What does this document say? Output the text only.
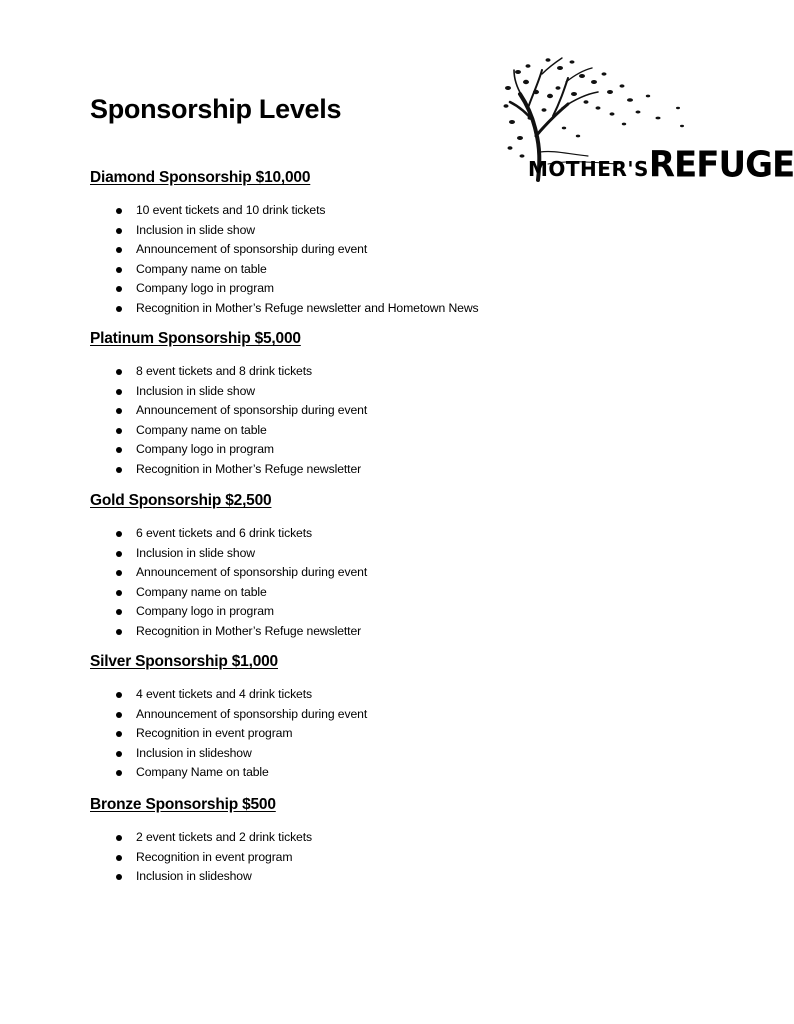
Sponsorship Levels
MOTHER'SREFUGE
Diamond Sponsorship $10,000
10 event tickets and 10 drink tickets
Inclusion in slide show
Announcement of sponsorship during event
Company name on table
Company logo in program
Recognition in Mother’s Refuge newsletter and Hometown News
Platinum Sponsorship $5,000
8 event tickets and 8 drink tickets
Inclusion in slide show
Announcement of sponsorship during event
Company name on table
Company logo in program
Recognition in Mother’s Refuge newsletter
Gold Sponsorship $2,500
6 event tickets and 6 drink tickets
Inclusion in slide show
Announcement of sponsorship during event
Company name on table
Company logo in program
Recognition in Mother’s Refuge newsletter
Silver Sponsorship $1,000
4 event tickets and 4 drink tickets
Announcement of sponsorship during event
Recognition in event program
Inclusion in slideshow
Company Name on table
Bronze Sponsorship $500
2 event tickets and 2 drink tickets
Recognition in event program
Inclusion in slideshow
